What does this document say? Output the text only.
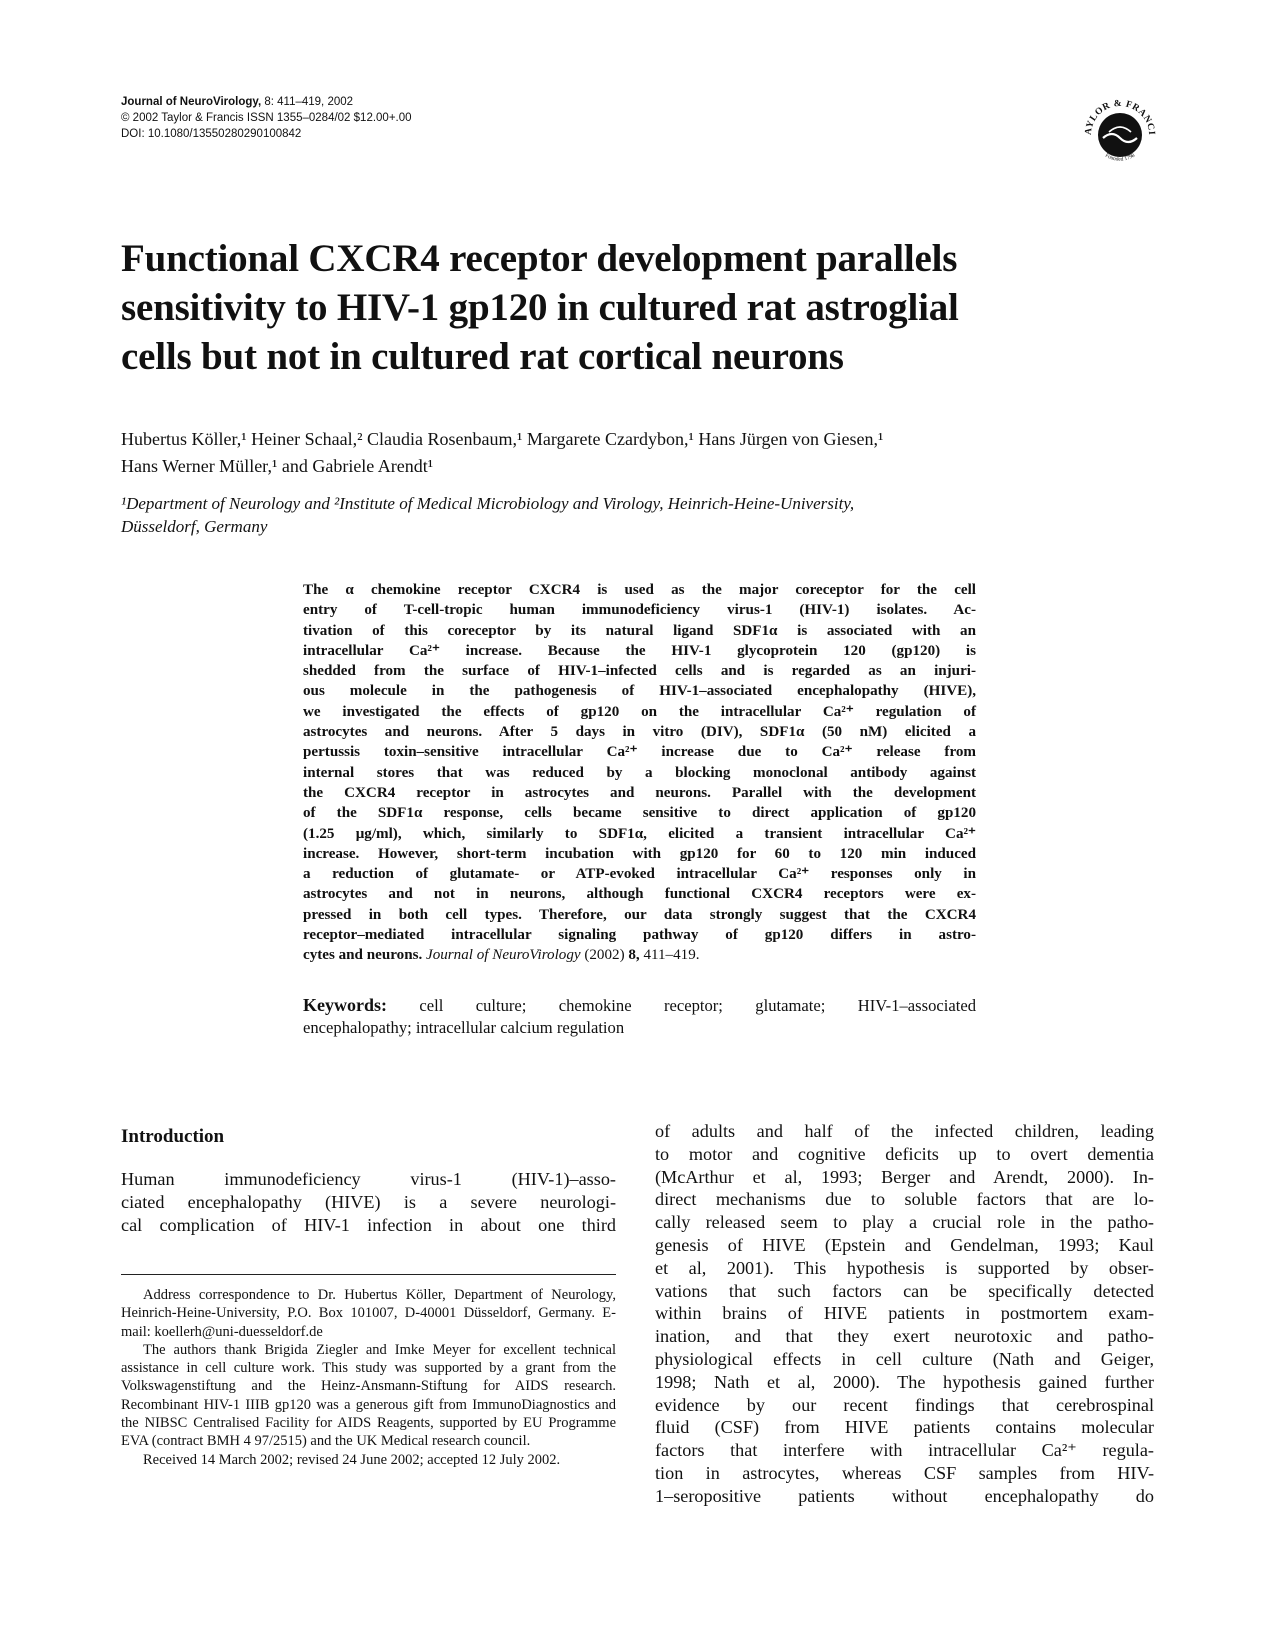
Journal of NeuroVirology, 8: 411–419, 2002
© 2002 Taylor & Francis ISSN 1355–0284/02 $12.00+.00
DOI: 10.1080/13550280290100842	AYLOR & FRANCI
Founded 1798
Functional CXCR4 receptor development parallels
sensitivity to HIV-1 gp120 in cultured rat astroglial
cells but not in cultured rat cortical neurons
Hubertus Köller,¹ Heiner Schaal,² Claudia Rosenbaum,¹ Margarete Czardybon,¹ Hans Jürgen von Giesen,¹
Hans Werner Müller,¹ and Gabriele Arendt¹
¹Department of Neurology and ²Institute of Medical Microbiology and Virology, Heinrich-Heine-University,
Düsseldorf, Germany
The α chemokine receptor CXCR4 is used as the major coreceptor for the cell
entry of T-cell-tropic human immunodeficiency virus-1 (HIV-1) isolates. Ac-
tivation of this coreceptor by its natural ligand SDF1α is associated with an
intracellular Ca²⁺ increase. Because the HIV-1 glycoprotein 120 (gp120) is
shedded from the surface of HIV-1–infected cells and is regarded as an injuri-
ous molecule in the pathogenesis of HIV-1–associated encephalopathy (HIVE),
we investigated the effects of gp120 on the intracellular Ca²⁺ regulation of
astrocytes and neurons. After 5 days in vitro (DIV), SDF1α (50 nM) elicited a
pertussis toxin–sensitive intracellular Ca²⁺ increase due to Ca²⁺ release from
internal stores that was reduced by a blocking monoclonal antibody against
the CXCR4 receptor in astrocytes and neurons. Parallel with the development
of the SDF1α response, cells became sensitive to direct application of gp120
(1.25 μg/ml), which, similarly to SDF1α, elicited a transient intracellular Ca²⁺
increase. However, short-term incubation with gp120 for 60 to 120 min induced
a reduction of glutamate- or ATP-evoked intracellular Ca²⁺ responses only in
astrocytes and not in neurons, although functional CXCR4 receptors were ex-
pressed in both cell types. Therefore, our data strongly suggest that the CXCR4
receptor–mediated intracellular signaling pathway of gp120 differs in astro-
cytes and neurons. Journal of NeuroVirology (2002) 8, 411–419.
Keywords: cell culture; chemokine receptor; glutamate; HIV-1–associated
encephalopathy; intracellular calcium regulation
Introduction
Human immunodeficiency virus-1 (HIV-1)–asso-
ciated encephalopathy (HIVE) is a severe neurologi-
cal complication of HIV-1 infection in about one third

Address correspondence to Dr. Hubertus Köller, Department of Neurology, Heinrich-Heine-University, P.O. Box 101007, D-40001 Düsseldorf, Germany. E-mail: koellerh@uni-duesseldorf.de

The authors thank Brigida Ziegler and Imke Meyer for excellent technical assistance in cell culture work. This study was supported by a grant from the Volkswagenstiftung and the Heinz-Ansmann-Stiftung for AIDS research. Recombinant HIV-1 IIIB gp120 was a generous gift from ImmunoDiagnostics and the NIBSC Centralised Facility for AIDS Reagents, supported by EU Programme EVA (contract BMH 4 97/2515) and the UK Medical research council.

Received 14 March 2002; revised 24 June 2002; accepted 12 July 2002.

of adults and half of the infected children, leading
to motor and cognitive deficits up to overt dementia
(McArthur et al, 1993; Berger and Arendt, 2000). In-
direct mechanisms due to soluble factors that are lo-
cally released seem to play a crucial role in the patho-
genesis of HIVE (Epstein and Gendelman, 1993; Kaul
et al, 2001). This hypothesis is supported by obser-
vations that such factors can be specifically detected
within brains of HIVE patients in postmortem exam-
ination, and that they exert neurotoxic and patho-
physiological effects in cell culture (Nath and Geiger,
1998; Nath et al, 2000). The hypothesis gained further
evidence by our recent findings that cerebrospinal
fluid (CSF) from HIVE patients contains molecular
factors that interfere with intracellular Ca²⁺ regula-
tion in astrocytes, whereas CSF samples from HIV-
1–seropositive patients without encephalopathy do
